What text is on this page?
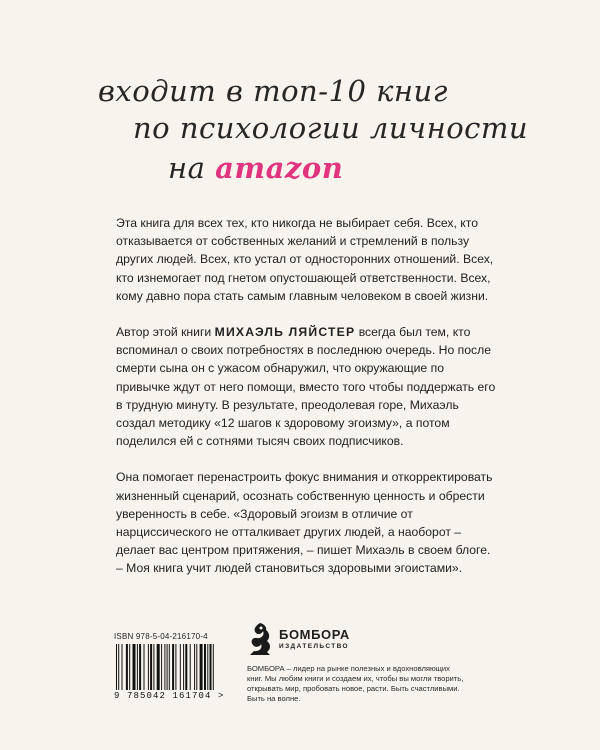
входит в топ-10 книг
по психологии личности
на amazon

Эта книга для всех тех, кто никогда не выбирает себя. Всех, кто отказывается от собственных желаний и стремлений в пользу других людей. Всех, кто устал от односторонних отношений. Всех, кто изнемогает под гнетом опустошающей ответственности. Всех, кому давно пора стать самым главным человеком в своей жизни.

Автор этой книги МИХАЭЛЬ ЛЯЙСТЕР всегда был тем, кто вспоминал о своих потребностях в последнюю очередь. Но после смерти сына он с ужасом обнаружил, что окружающие по привычке ждут от него помощи, вместо того чтобы поддержать его в трудную минуту. В результате, преодолевая горе, Михаэль создал методику «12 шагов к здоровому эгоизму», а потом поделился ей с сотнями тысяч своих подписчиков.

Она помогает перенастроить фокус внимания и откорректировать жизненный сценарий, осознать собственную ценность и обрести уверенность в себе. «Здоровый эгоизм в отличие от нарциссического не отталкивает других людей, а наоборот – делает вас центром притяжения, – пишет Михаэль в своем блоге. – Моя книга учит людей становиться здоровыми эгоистами».

ISBN 978-5-04-216170-4
9 785042 161704 >
БОМБОРА
ИЗДАТЕЛЬСТВО
БОМБОРА – лидер на рынке полезных и вдохновляющих книг. Мы любим книги и создаем их, чтобы вы могли творить, открывать мир, пробовать новое, расти. Быть счастливыми. Быть на волне.
